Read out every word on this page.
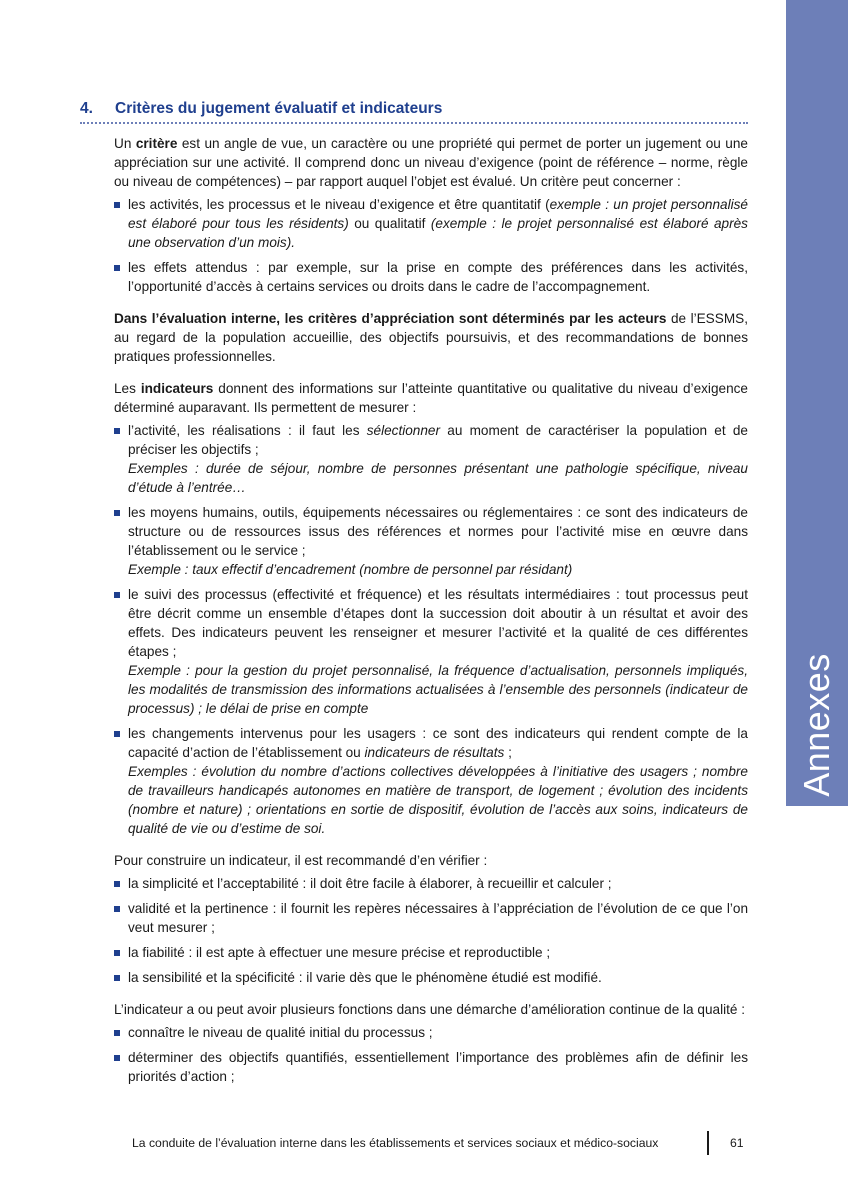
Annexes
4.	Critères du jugement évaluatif et indicateurs

Un critère est un angle de vue, un caractère ou une propriété qui permet de porter un jugement ou une appréciation sur une activité. Il comprend donc un niveau d’exigence (point de référence – norme, règle ou niveau de compétences) – par rapport auquel l’objet est évalué. Un critère peut concerner :

les activités, les processus et le niveau d’exigence et être quantitatif (exemple : un projet personnalisé est élaboré pour tous les résidents) ou qualitatif (exemple : le projet personnalisé est élaboré après une observation d’un mois).
les effets attendus : par exemple, sur la prise en compte des préférences dans les activités, l’opportunité d’accès à certains services ou droits dans le cadre de l’accompagnement.

Dans l’évaluation interne, les critères d’appréciation sont déterminés par les acteurs de l’ESSMS, au regard de la population accueillie, des objectifs poursuivis, et des recommandations de bonnes pratiques professionnelles.

Les indicateurs donnent des informations sur l’atteinte quantitative ou qualitative du niveau d’exigence déterminé auparavant. Ils permettent de mesurer :

l’activité, les réalisations : il faut les sélectionner au moment de caractériser la population et de préciser les objectifs ;
Exemples : durée de séjour, nombre de personnes présentant une pathologie spécifique, niveau d’étude à l’entrée…
les moyens humains, outils, équipements nécessaires ou réglementaires : ce sont des indicateurs de structure ou de ressources issus des références et normes pour l’activité mise en œuvre dans l’établissement ou le service ;
Exemple : taux effectif d’encadrement (nombre de personnel par résidant)
le suivi des processus (effectivité et fréquence) et les résultats intermédiaires : tout processus peut être décrit comme un ensemble d’étapes dont la succession doit aboutir à un résultat et avoir des effets. Des indicateurs peuvent les renseigner et mesurer l’activité et la qualité de ces différentes étapes ;
Exemple : pour la gestion du projet personnalisé, la fréquence d’actualisation, personnels impliqués, les modalités de transmission des informations actualisées à l’ensemble des personnels (indicateur de processus) ; le délai de prise en compte
les changements intervenus pour les usagers : ce sont des indicateurs qui rendent compte de la capacité d’action de l’établissement ou indicateurs de résultats ;
Exemples : évolution du nombre d’actions collectives développées à l’initiative des usagers ; nombre de travailleurs handicapés autonomes en matière de transport, de logement ; évolution des incidents (nombre et nature) ; orientations en sortie de dispositif, évolution de l’accès aux soins, indicateurs de qualité de vie ou d’estime de soi.

Pour construire un indicateur, il est recommandé d’en vérifier :

la simplicité et l’acceptabilité : il doit être facile à élaborer, à recueillir et calculer ;
validité et la pertinence : il fournit les repères nécessaires à l’appréciation de l’évolution de ce que l’on veut mesurer ;
la fiabilité : il est apte à effectuer une mesure précise et reproductible ;
la sensibilité et la spécificité : il varie dès que le phénomène étudié est modifié.

L’indicateur a ou peut avoir plusieurs fonctions dans une démarche d’amélioration continue de la qualité :

connaître le niveau de qualité initial du processus ;
déterminer des objectifs quantifiés, essentiellement l’importance des problèmes afin de définir les priorités d’action ;
La conduite de l’évaluation interne dans les établissements et services sociaux et médico-sociaux	61
